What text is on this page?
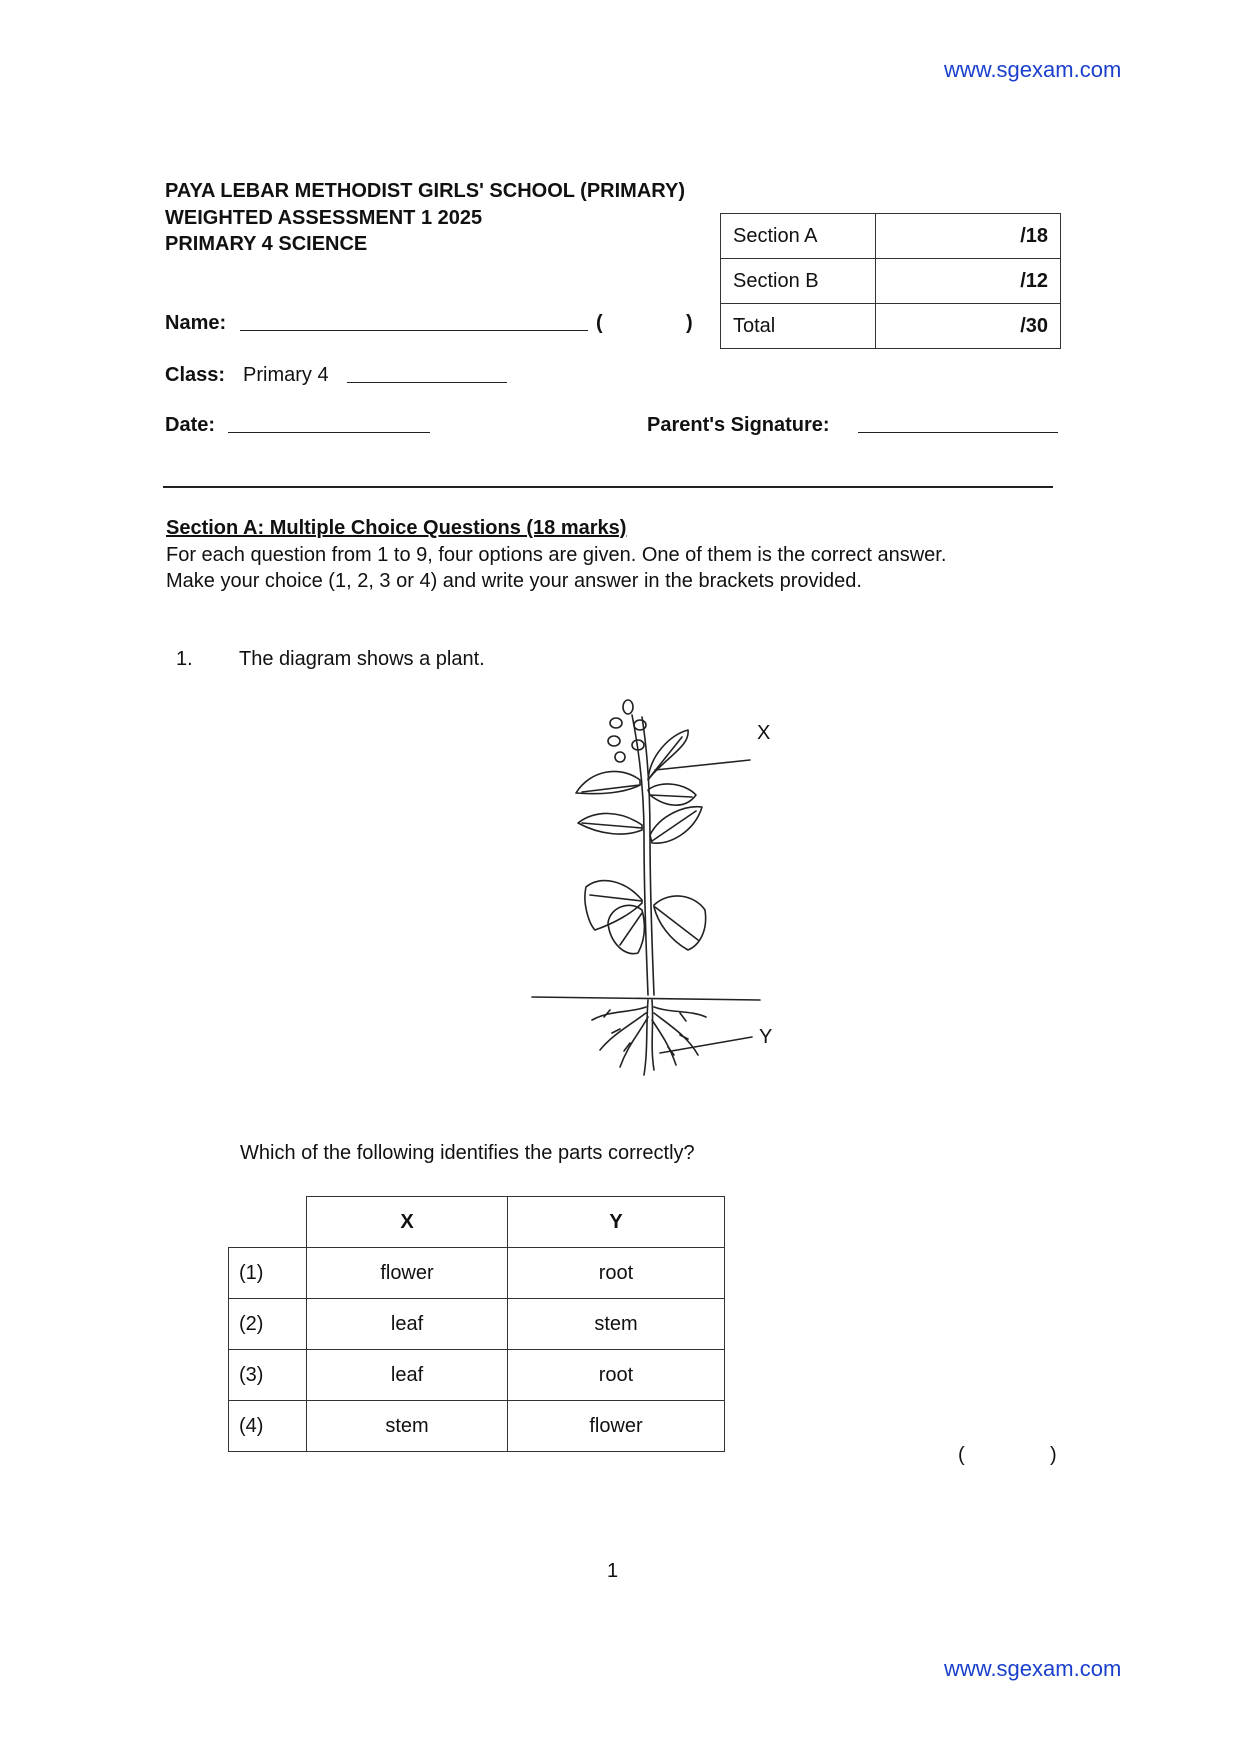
www.sgexam.com
www.sgexam.com
PAYA LEBAR METHODIST GIRLS' SCHOOL (PRIMARY)
WEIGHTED ASSESSMENT 1 2025
PRIMARY 4 SCIENCE	Section A	/18
Section B	/12
Total	/30
Name:	(	)
Class: Primary 4
Date:	Parent's Signature:
Section A: Multiple Choice Questions (18 marks)
For each question from 1 to 9, four options are given. One of them is the correct answer.
Make your choice (1, 2, 3 or 4) and write your answer in the brackets provided.
1. The diagram shows a plant.
X
Y
Which of the following identifies the parts correctly?
	X	Y
(1)	flower	root
(2)	leaf	stem
(3)	leaf	root
(4)	stem	flower
(	)
1
